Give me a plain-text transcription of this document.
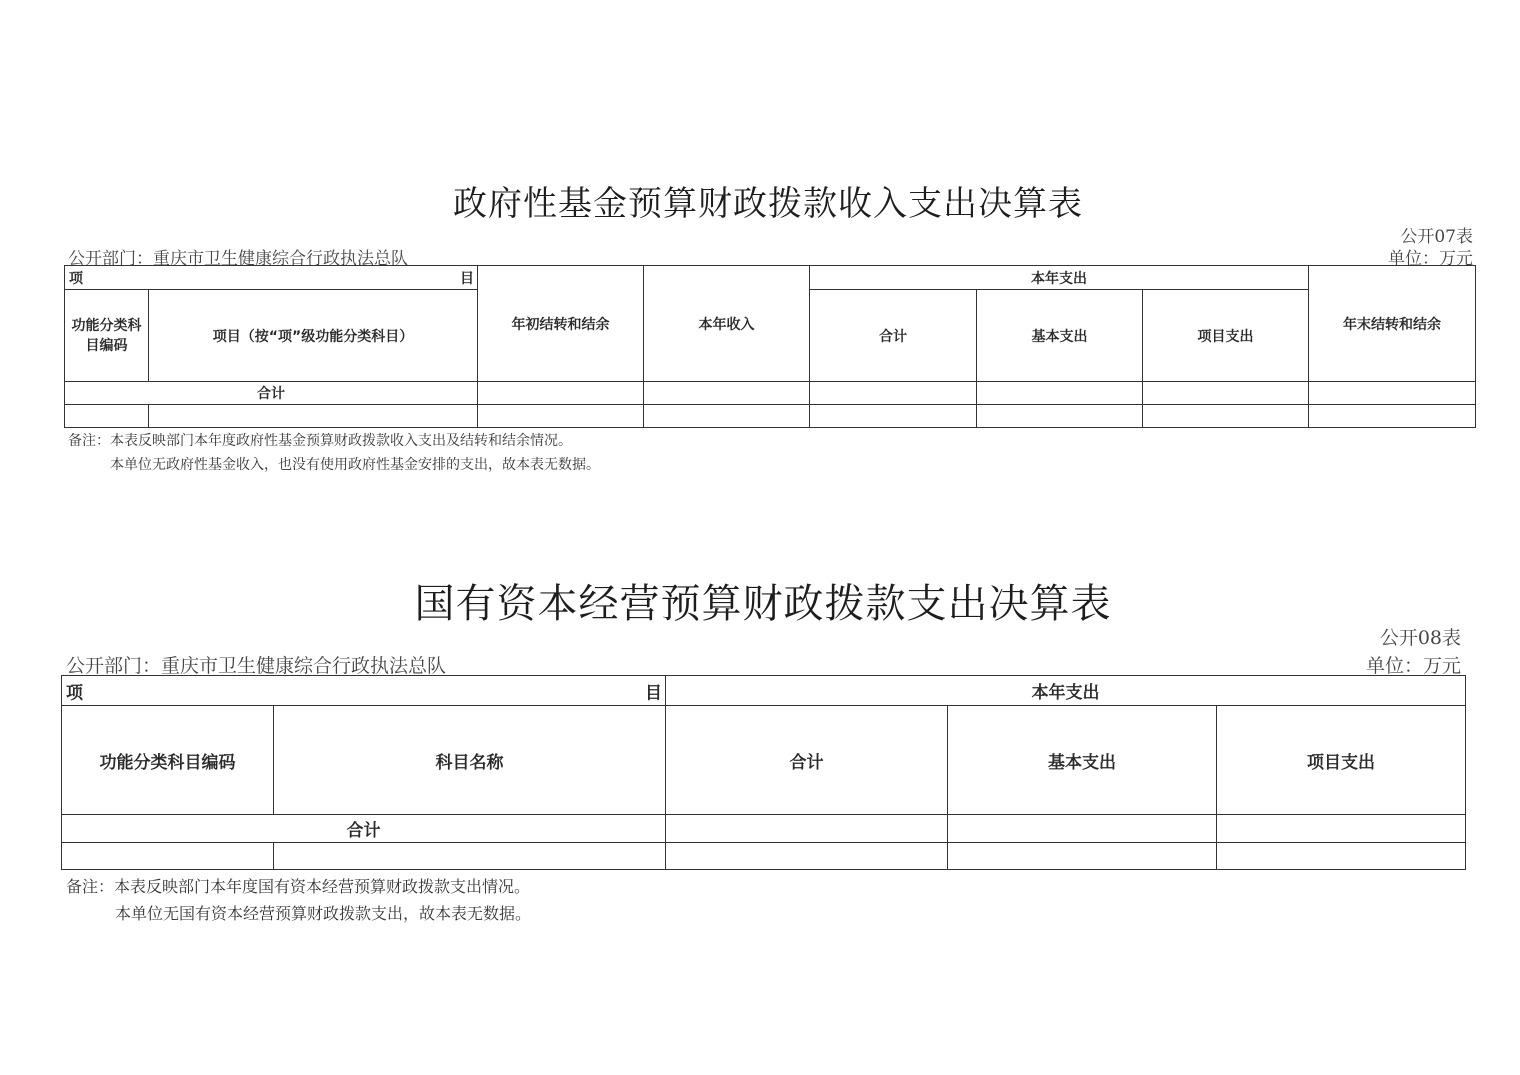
政府性基金预算财政拨款收入支出决算表
公开07表
单位：万元
公开部门：重庆市卫生健康综合行政执法总队
项 目		年初结转和结余	本年收入	本年支出			年末结转和结余
功能分类科目编码	项目（按“项”级功能分类科目）			合计	基本支出	项目支出	
合计							

备注：本表反映部门本年度政府性基金预算财政拨款收入支出及结转和结余情况。
本单位无政府性基金收入，也没有使用政府性基金安排的支出，故本表无数据。
国有资本经营预算财政拨款支出决算表
公开08表
单位：万元
公开部门：重庆市卫生健康综合行政执法总队
项 目		本年支出		
功能分类科目编码	科目名称	合计	基本支出	项目支出
合计				

备注：本表反映部门本年度国有资本经营预算财政拨款支出情况。
本单位无国有资本经营预算财政拨款支出，故本表无数据。
